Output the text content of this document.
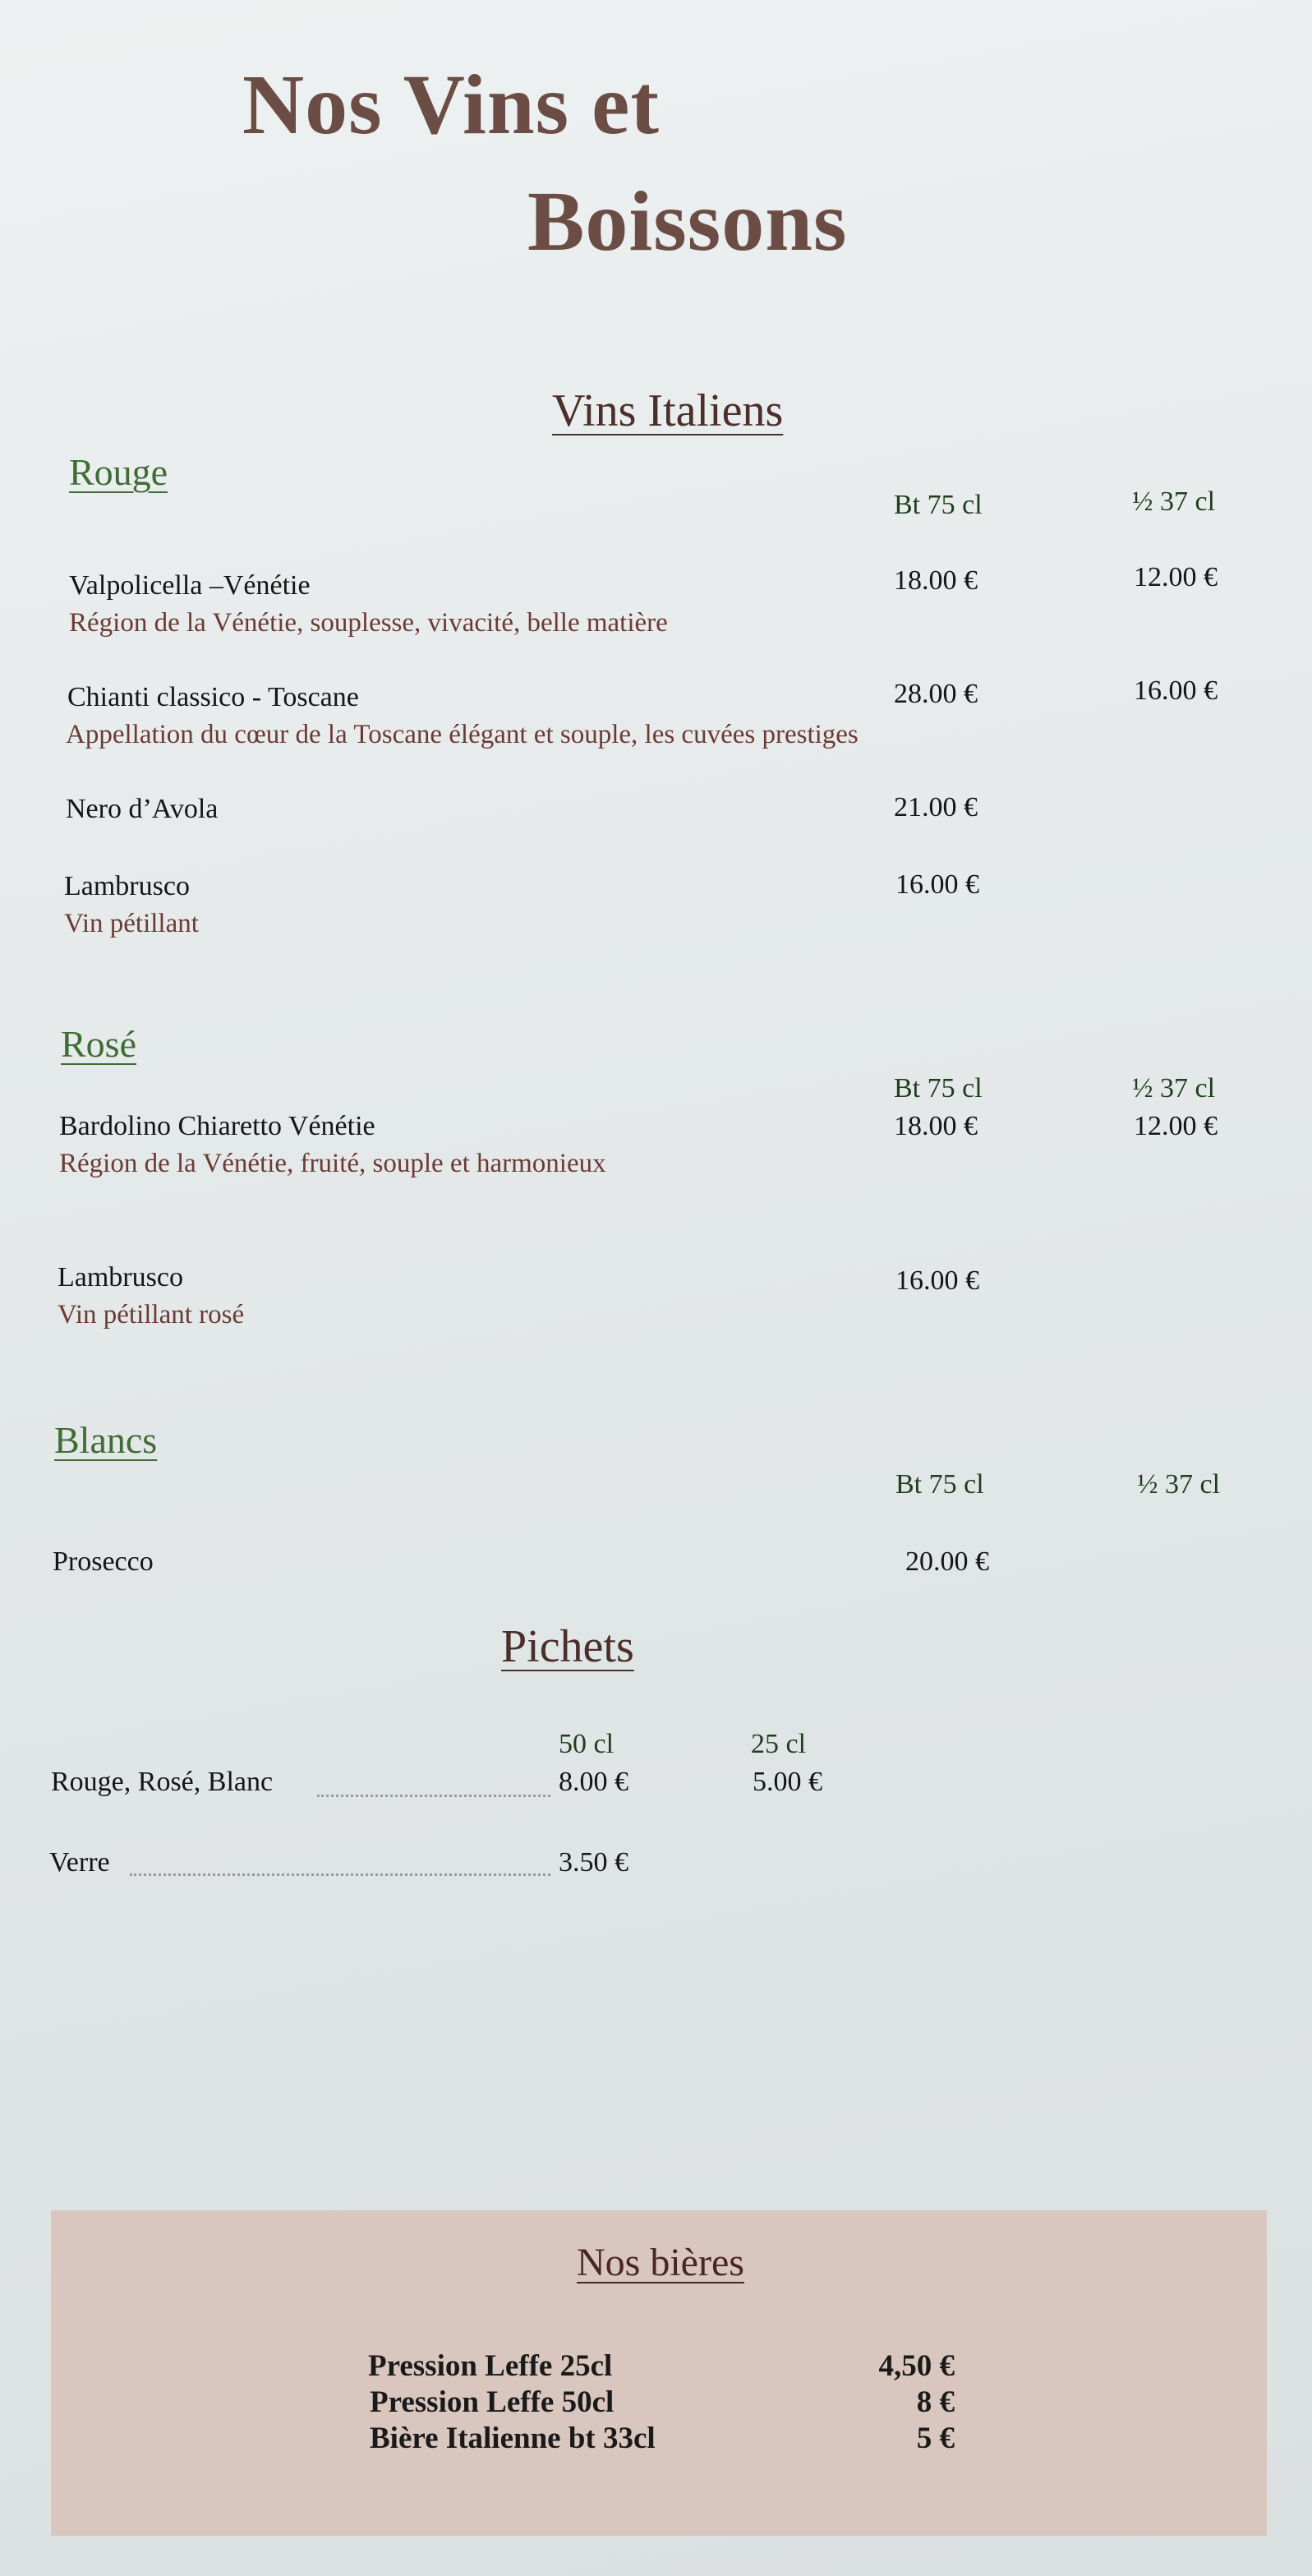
Nos Vins et
Boissons
Vins Italiens
Rouge
Bt 75 cl	½ 37 cl
Valpolicella –Vénétie
Région de la Vénétie, souplesse, vivacité, belle matière
18.00 €	12.00 €
Chianti classico - Toscane
Appellation du cœur de la Toscane élégant et souple, les cuvées prestiges
28.00 €	16.00 €
Nero d’Avola	21.00 €
Lambrusco
Vin pétillant
16.00 €
Rosé
Bt 75 cl	½ 37 cl
Bardolino Chiaretto Vénétie
Région de la Vénétie, fruité, souple et harmonieux
18.00 €	12.00 €
Lambrusco
Vin pétillant rosé
16.00 €
Blancs
Bt 75 cl	½ 37 cl
Prosecco	20.00 €
Pichets
50 cl	25 cl
Rouge, Rosé, Blanc	8.00 €	5.00 €
Verre	3.50 €
Nos bières
Pression Leffe 25cl	4,50 €
Pression Leffe 50cl	8 €
Bière Italienne bt 33cl	5 €
